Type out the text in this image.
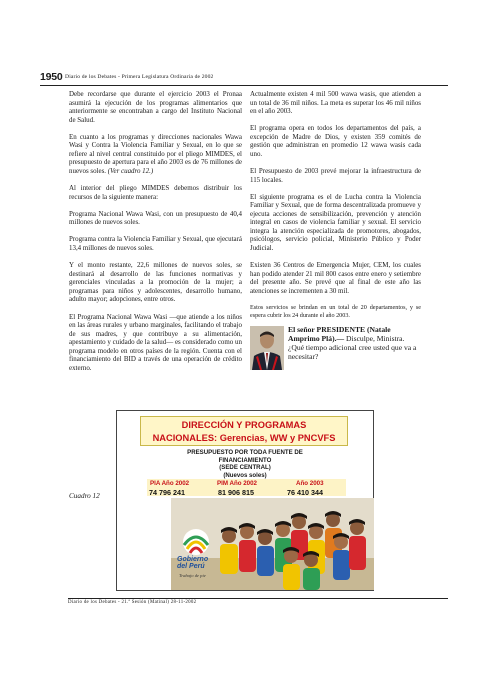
1950 Diario de los Debates - Primera Legislatura Ordinaria de 2002

Debe recordarse que durante el ejercicio 2003 el Pronaa asumirá la ejecución de los programas alimentarios que anteriormente se encontraban a cargo del Instituto Nacional de Salud.

En cuanto a los programas y direcciones nacionales Wawa Wasi y Contra la Violencia Familiar y Sexual, en lo que se refiere al nivel central constituido por el pliego MIMDES, el presupuesto de apertura para el año 2003 es de 76 millones de nuevos soles. (Ver cuadro 12.)

Al interior del pliego MIMDES debemos distribuir los recursos de la siguiente manera:

Programa Nacional Wawa Wasi, con un presupuesto de 40,4 millones de nuevos soles.

Programa contra la Violencia Familiar y Sexual, que ejecutará 13,4 millones de nuevos soles.

Y el monto restante, 22,6 millones de nuevos soles, se destinará al desarrollo de las funciones normativas y gerenciales vinculadas a la promoción de la mujer; a programas para niños y adolescentes, desarrollo humano, adulto mayor; adopciones, entre otros.

El Programa Nacional Wawa Wasi —que atiende a los niños en las áreas rurales y urbano marginales, facilitando el trabajo de sus madres, y que contribuye a su alimentación, apestamiento y cuidado de la salud— es considerado como un programa modelo en otros países de la región. Cuenta con el financiamiento del BID a través de una operación de crédito externo.

Actualmente existen 4 mil 500 wawa wasis, que atienden a un total de 36 mil niños. La meta es superar los 46 mil niños en el año 2003.

El programa opera en todos los departamentos del país, a excepción de Madre de Dios, y existen 359 comités de gestión que administran en promedio 12 wawa wasis cada uno.

El Presupuesto de 2003 prevé mejorar la infraestructura de 115 locales.

El siguiente programa es el de Lucha contra la Violencia Familiar y Sexual, que de forma descentralizada promueve y ejecuta acciones de sensibilización, prevención y atención integral en casos de violencia familiar y sexual. El servicio integra la atención especializada de promotores, abogados, psicólogos, servicio policial, Ministerio Público y Poder Judicial.

Existen 36 Centros de Emergencia Mujer, CEM, los cuales han podido atender 21 mil 800 casos entre enero y setiembre del presente año. Se prevé que al final de este año las atenciones se incrementen a 30 mil.

Estos servicios se brindan en un total de 20 departamentos, y se espera cubrir los 24 durante el año 2003.

El señor PRESIDENTE (Natale Amprimo Plá).— Disculpe, Ministra. ¿Qué tiempo adicional cree usted que va a necesitar?
Cuadro 12
DIRECCIÓN Y PROGRAMAS
NACIONALES: Gerencias, WW y PNCVFS
PRESUPUESTO POR TODA FUENTE DE
FINANCIAMIENTO
(SEDE CENTRAL)
(Nuevos soles)
PIA Año 2002
74 796 241
PIM Año 2002
81 906 815
Año 2003
76 410 344
Gobierno
del Perú
Trabajo de pie
Diario de los Debates - 21.ª Sesión (Matinal) 28-11-2002
